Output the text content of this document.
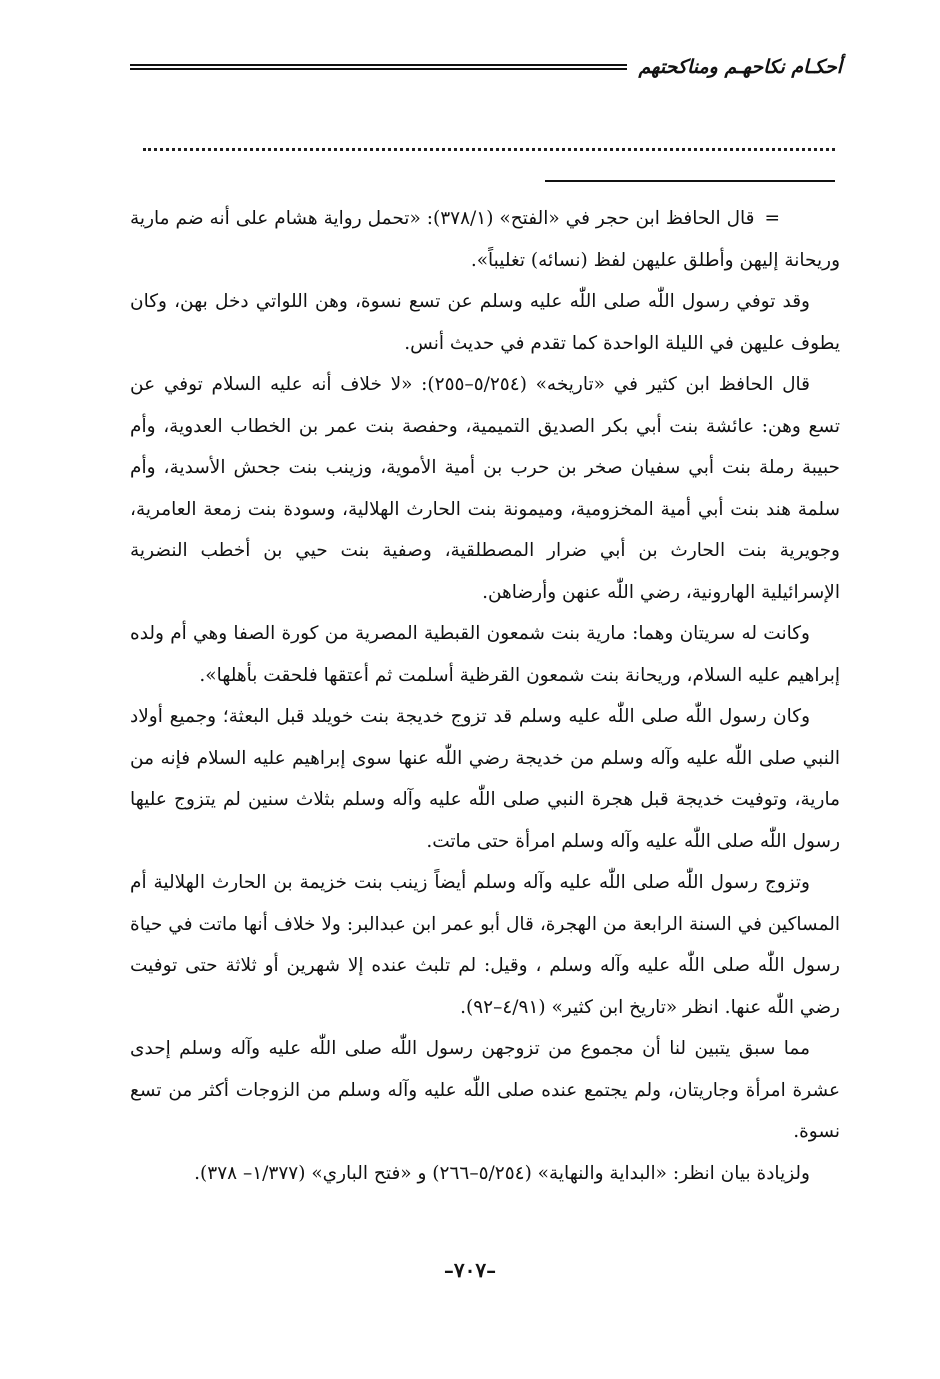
أحكـام نكاحهـم ومناكحتهم

=قال الحافظ ابن حجر في «الفتح» (٣٧٨/١): «تحمل رواية هشام على أنه ضم مارية وريحانة إليهن وأطلق عليهن لفظ (نسائه) تغليباً».

وقد توفي رسول اللّٰه صلى اللّٰه عليه وسلم عن تسع نسوة، وهن اللواتي دخل بهن، وكان يطوف عليهن في الليلة الواحدة كما تقدم في حديث أنس.

قال الحافظ ابن كثير في «تاريخه» (٥/٢٥٤–٢٥٥): «لا خلاف أنه عليه السلام توفي عن تسع وهن: عائشة بنت أبي بكر الصديق التميمية، وحفصة بنت عمر بن الخطاب العدوية، وأم حبيبة رملة بنت أبي سفيان صخر بن حرب بن أمية الأموية، وزينب بنت جحش الأسدية، وأم سلمة هند بنت أبي أمية المخزومية، وميمونة بنت الحارث الهلالية، وسودة بنت زمعة العامرية، وجويرية بنت الحارث بن أبي ضرار المصطلقية، وصفية بنت حيي بن أخطب النضرية الإسرائيلية الهارونية، رضي اللّٰه عنهن وأرضاهن.

وكانت له سريتان وهما: مارية بنت شمعون القبطية المصرية من كورة الصفا وهي أم ولده إبراهيم عليه السلام، وريحانة بنت شمعون القرظية أسلمت ثم أعتقها فلحقت بأهلها».

وكان رسول اللّٰه صلى اللّٰه عليه وسلم قد تزوج خديجة بنت خويلد قبل البعثة؛ وجميع أولاد النبي صلى اللّٰه عليه وآله وسلم من خديجة رضي اللّٰه عنها سوى إبراهيم عليه السلام فإنه من مارية، وتوفيت خديجة قبل هجرة النبي صلى اللّٰه عليه وآله وسلم بثلاث سنين لم يتزوج عليها رسول اللّٰه صلى اللّٰه عليه وآله وسلم امرأة حتى ماتت.

وتزوج رسول اللّٰه صلى اللّٰه عليه وآله وسلم أيضاً زينب بنت خزيمة بن الحارث الهلالية أم المساكين في السنة الرابعة من الهجرة، قال أبو عمر ابن عبدالبر: ولا خلاف أنها ماتت في حياة رسول اللّٰه صلى اللّٰه عليه وآله وسلم ، وقيل: لم تلبث عنده إلا شهرين أو ثلاثة حتى توفيت رضي اللّٰه عنها. انظر «تاريخ ابن كثير» (٤/٩١–٩٢).

مما سبق يتبين لنا أن مجموع من تزوجهن رسول اللّٰه صلى اللّٰه عليه وآله وسلم إحدى عشرة امرأة وجاريتان، ولم يجتمع عنده صلى اللّٰه عليه وآله وسلم من الزوجات أكثر من تسع نسوة.

ولزيادة بيان انظر: «البداية والنهاية» (٥/٢٥٤–٢٦٦) و «فتح الباري» (١/٣٧٧– ٣٧٨).

–٧٠٧–
